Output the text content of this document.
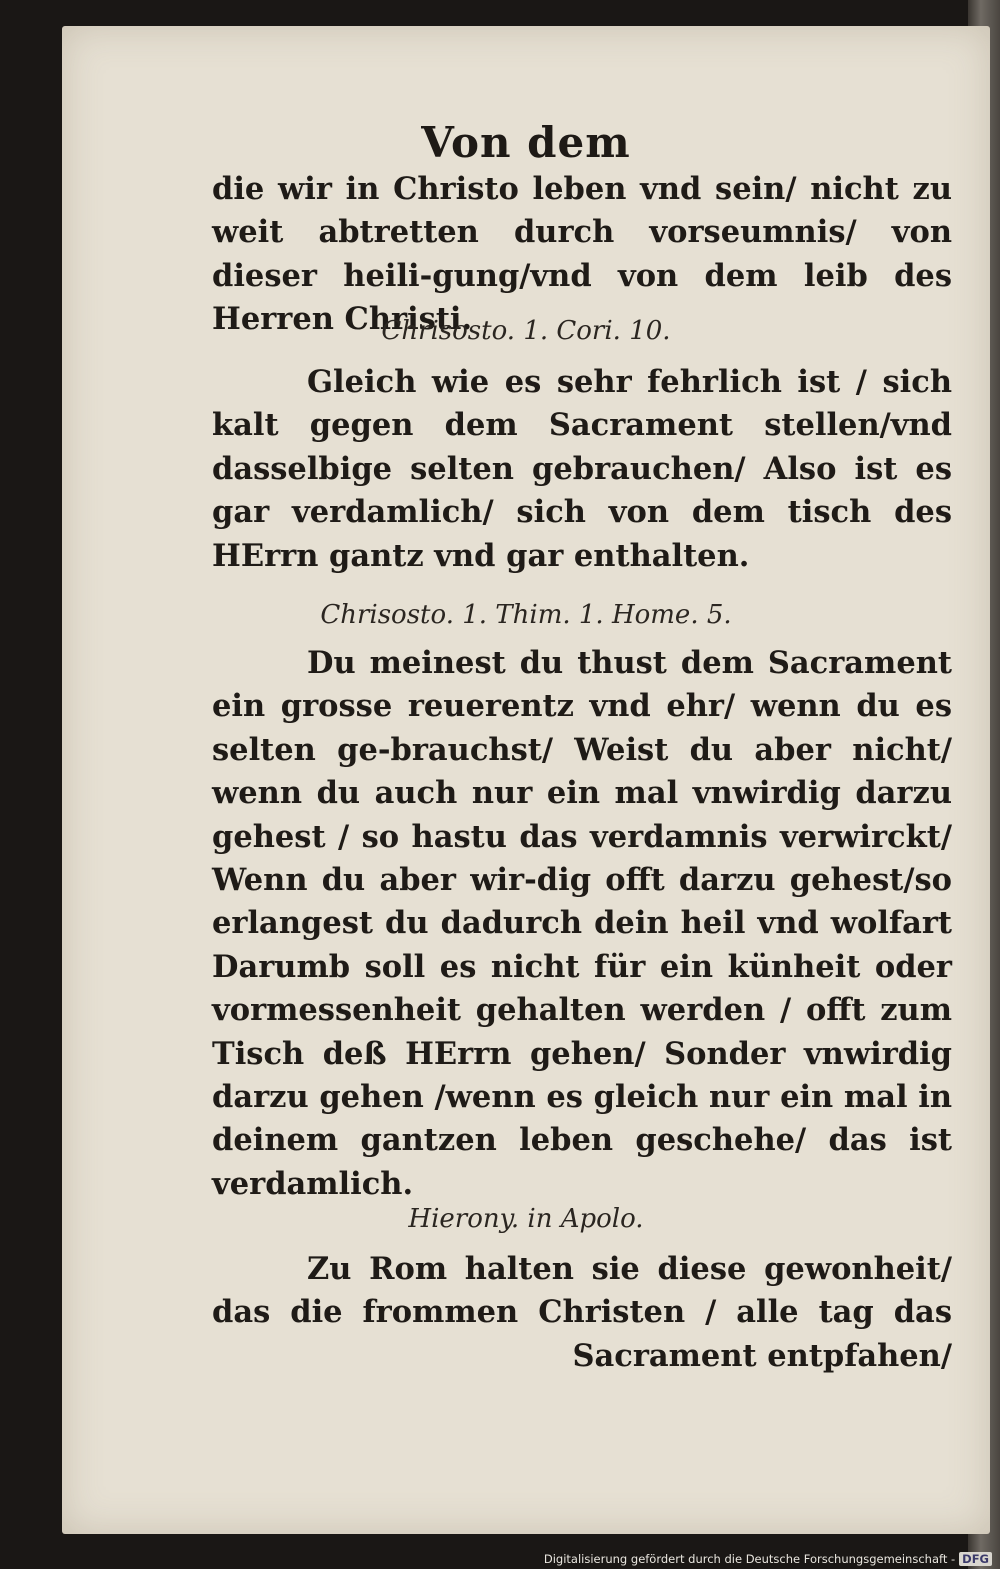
Von dem

die wir in Christo leben vnd sein/ nicht zu weit abtretten durch vorseumnis/ von dieser heili-gung/vnd von dem leib des Herren Christi.

Chrisosto. 1. Cori. 10.

Gleich wie es sehr fehrlich ist / sich kalt gegen dem Sacrament stellen/vnd dasselbige selten gebrauchen/ Also ist es gar verdamlich/ sich von dem tisch des HErrn gantz vnd gar enthalten.

Chrisosto. 1. Thim. 1. Home. 5.

Du meinest du thust dem Sacrament ein grosse reuerentz vnd ehr/ wenn du es selten ge-brauchst/ Weist du aber nicht/ wenn du auch nur ein mal vnwirdig darzu gehest / so hastu das verdamnis verwirckt/ Wenn du aber wir-dig offt darzu gehest/so erlangest du dadurch dein heil vnd wolfart Darumb soll es nicht für ein künheit oder vormessenheit gehalten werden / offt zum Tisch deß HErrn gehen/ Sonder vnwirdig darzu gehen /wenn es gleich nur ein mal in deinem gantzen leben geschehe/ das ist verdamlich.

Hierony. in Apolo.

Zu Rom halten sie diese gewonheit/ das die frommen Christen / alle tag das Sacrament entpfahen/

Digitalisierung gefördert durch die Deutsche Forschungsgemeinschaft - DFG
